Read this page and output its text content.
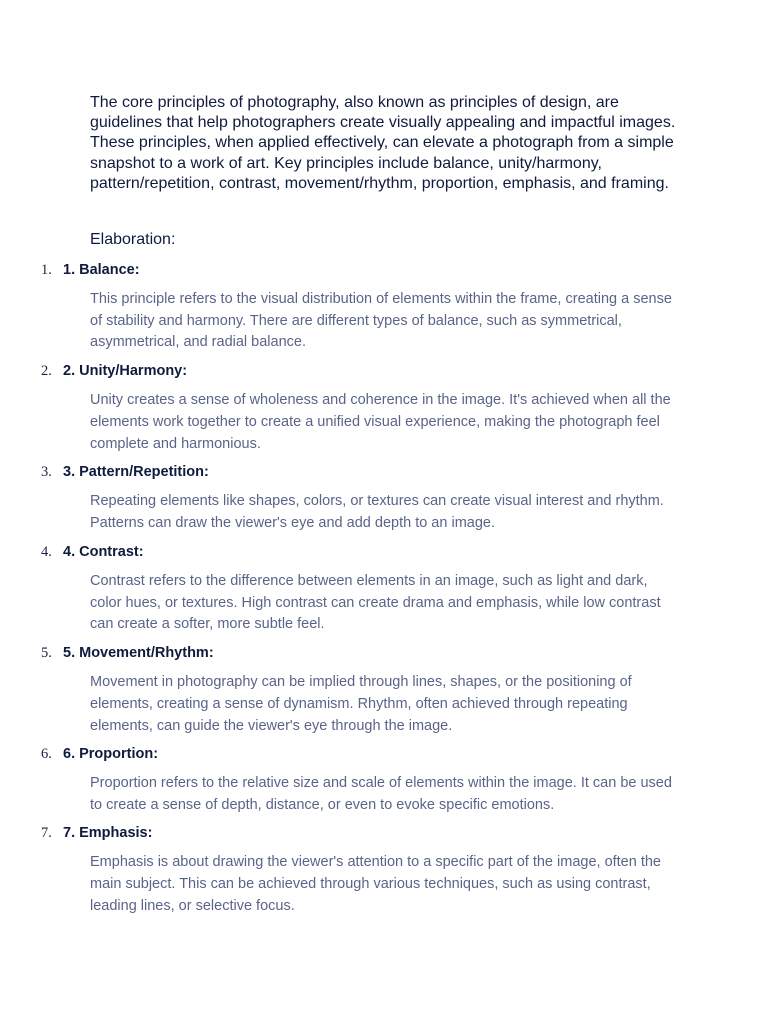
The core principles of photography, also known as principles of design, are guidelines that help photographers create visually appealing and impactful images. These principles, when applied effectively, can elevate a photograph from a simple snapshot to a work of art. Key principles include balance, unity/harmony, pattern/repetition, contrast, movement/rhythm, proportion, emphasis, and framing.

Elaboration:
1. 1. Balance:
This principle refers to the visual distribution of elements within the frame, creating a sense of stability and harmony. There are different types of balance, such as symmetrical, asymmetrical, and radial balance.
2. 2. Unity/Harmony:
Unity creates a sense of wholeness and coherence in the image. It's achieved when all the elements work together to create a unified visual experience, making the photograph feel complete and harmonious.
3. 3. Pattern/Repetition:
Repeating elements like shapes, colors, or textures can create visual interest and rhythm. Patterns can draw the viewer's eye and add depth to an image.
4. 4. Contrast:
Contrast refers to the difference between elements in an image, such as light and dark, color hues, or textures. High contrast can create drama and emphasis, while low contrast can create a softer, more subtle feel.
5. 5. Movement/Rhythm:
Movement in photography can be implied through lines, shapes, or the positioning of elements, creating a sense of dynamism. Rhythm, often achieved through repeating elements, can guide the viewer's eye through the image.
6. 6. Proportion:
Proportion refers to the relative size and scale of elements within the image. It can be used to create a sense of depth, distance, or even to evoke specific emotions.
7. 7. Emphasis:
Emphasis is about drawing the viewer's attention to a specific part of the image, often the main subject. This can be achieved through various techniques, such as using contrast, leading lines, or selective focus.
